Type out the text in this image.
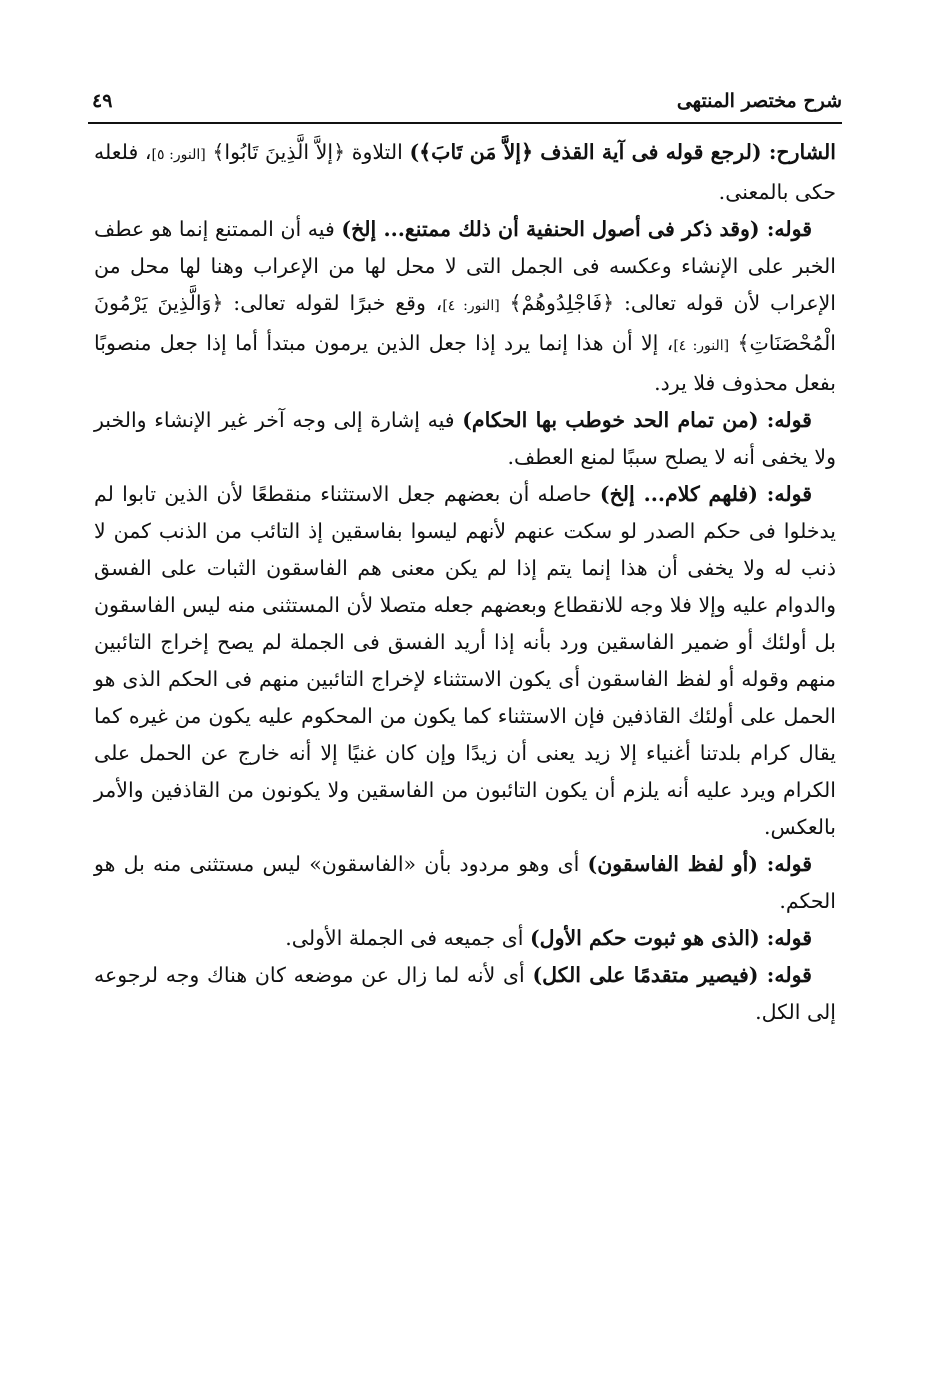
شرح مختصر المنتهى
٤٩

الشارح: (لرجع قوله فى آية القذف ﴿إلاَّ مَن تَابَ﴾) التلاوة ﴿إلاَّ الَّذِينَ تَابُوا﴾ [النور: ٥]، فلعله حكى بالمعنى.

قوله: (وقد ذكر فى أصول الحنفية أن ذلك ممتنع... إلخ) فيه أن الممتنع إنما هو عطف الخبر على الإنشاء وعكسه فى الجمل التى لا محل لها من الإعراب وهنا لها محل من الإعراب لأن قوله تعالى: ﴿فَاجْلِدُوهُمْ﴾ [النور: ٤]، وقع خبرًا لقوله تعالى: ﴿وَالَّذِينَ يَرْمُونَ الْمُحْصَنَاتِ﴾ [النور: ٤]، إلا أن هذا إنما يرد إذا جعل الذين يرمون مبتدأ أما إذا جعل منصوبًا بفعل محذوف فلا يرد.

قوله: (من تمام الحد خوطب بها الحكام) فيه إشارة إلى وجه آخر غير الإنشاء والخبر ولا يخفى أنه لا يصلح سببًا لمنع العطف.

قوله: (فلهم كلام... إلخ) حاصله أن بعضهم جعل الاستثناء منقطعًا لأن الذين تابوا لم يدخلوا فى حكم الصدر لو سكت عنهم لأنهم ليسوا بفاسقين إذ التائب من الذنب كمن لا ذنب له ولا يخفى أن هذا إنما يتم إذا لم يكن معنى هم الفاسقون الثبات على الفسق والدوام عليه وإلا فلا وجه للانقطاع وبعضهم جعله متصلا لأن المستثنى منه ليس الفاسقون بل أولئك أو ضمير الفاسقين ورد بأنه إذا أريد الفسق فى الجملة لم يصح إخراج التائبين منهم وقوله أو لفظ الفاسقون أى يكون الاستثناء لإخراج التائبين منهم فى الحكم الذى هو الحمل على أولئك القاذفين فإن الاستثناء كما يكون من المحكوم عليه يكون من غيره كما يقال كرام بلدتنا أغنياء إلا زيد يعنى أن زيدًا وإن كان غنيًا إلا أنه خارج عن الحمل على الكرام ويرد عليه أنه يلزم أن يكون التائبون من الفاسقين ولا يكونون من القاذفين والأمر بالعكس.

قوله: (أو لفظ الفاسقون) أى وهو مردود بأن «الفاسقون» ليس مستثنى منه بل هو الحكم.

قوله: (الذى هو ثبوت حكم الأول) أى جميعه فى الجملة الأولى.

قوله: (فيصير متقدمًا على الكل) أى لأنه لما زال عن موضعه كان هناك وجه لرجوعه إلى الكل.
